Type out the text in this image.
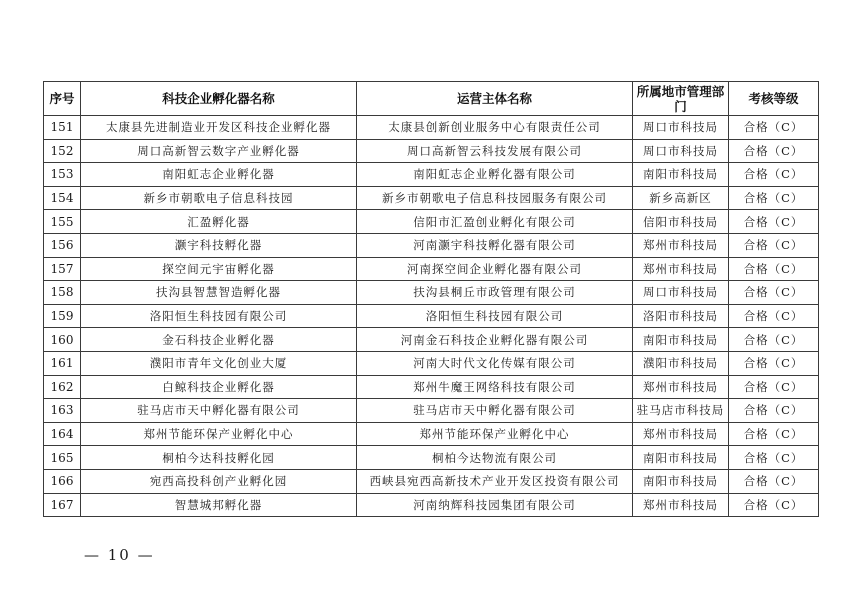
序号	科技企业孵化器名称	运营主体名称	所属地市管理部门	考核等级
151	太康县先进制造业开发区科技企业孵化器	太康县创新创业服务中心有限责任公司	周口市科技局	合格（C）
152	周口高新智云数字产业孵化器	周口高新智云科技发展有限公司	周口市科技局	合格（C）
153	南阳虹志企业孵化器	南阳虹志企业孵化器有限公司	南阳市科技局	合格（C）
154	新乡市朝歌电子信息科技园	新乡市朝歌电子信息科技园服务有限公司	新乡高新区	合格（C）
155	汇盈孵化器	信阳市汇盈创业孵化有限公司	信阳市科技局	合格（C）
156	灏宇科技孵化器	河南灏宇科技孵化器有限公司	郑州市科技局	合格（C）
157	探空间元宇宙孵化器	河南探空间企业孵化器有限公司	郑州市科技局	合格（C）
158	扶沟县智慧智造孵化器	扶沟县桐丘市政管理有限公司	周口市科技局	合格（C）
159	洛阳恒生科技园有限公司	洛阳恒生科技园有限公司	洛阳市科技局	合格（C）
160	金石科技企业孵化器	河南金石科技企业孵化器有限公司	南阳市科技局	合格（C）
161	濮阳市青年文化创业大厦	河南大时代文化传媒有限公司	濮阳市科技局	合格（C）
162	白鲸科技企业孵化器	郑州牛魔王网络科技有限公司	郑州市科技局	合格（C）
163	驻马店市天中孵化器有限公司	驻马店市天中孵化器有限公司	驻马店市科技局	合格（C）
164	郑州节能环保产业孵化中心	郑州节能环保产业孵化中心	郑州市科技局	合格（C）
165	桐柏今达科技孵化园	桐柏今达物流有限公司	南阳市科技局	合格（C）
166	宛西高投科创产业孵化园	西峡县宛西高新技术产业开发区投资有限公司	南阳市科技局	合格（C）
167	智慧城邦孵化器	河南纳辉科技园集团有限公司	郑州市科技局	合格（C）
— 10 —
